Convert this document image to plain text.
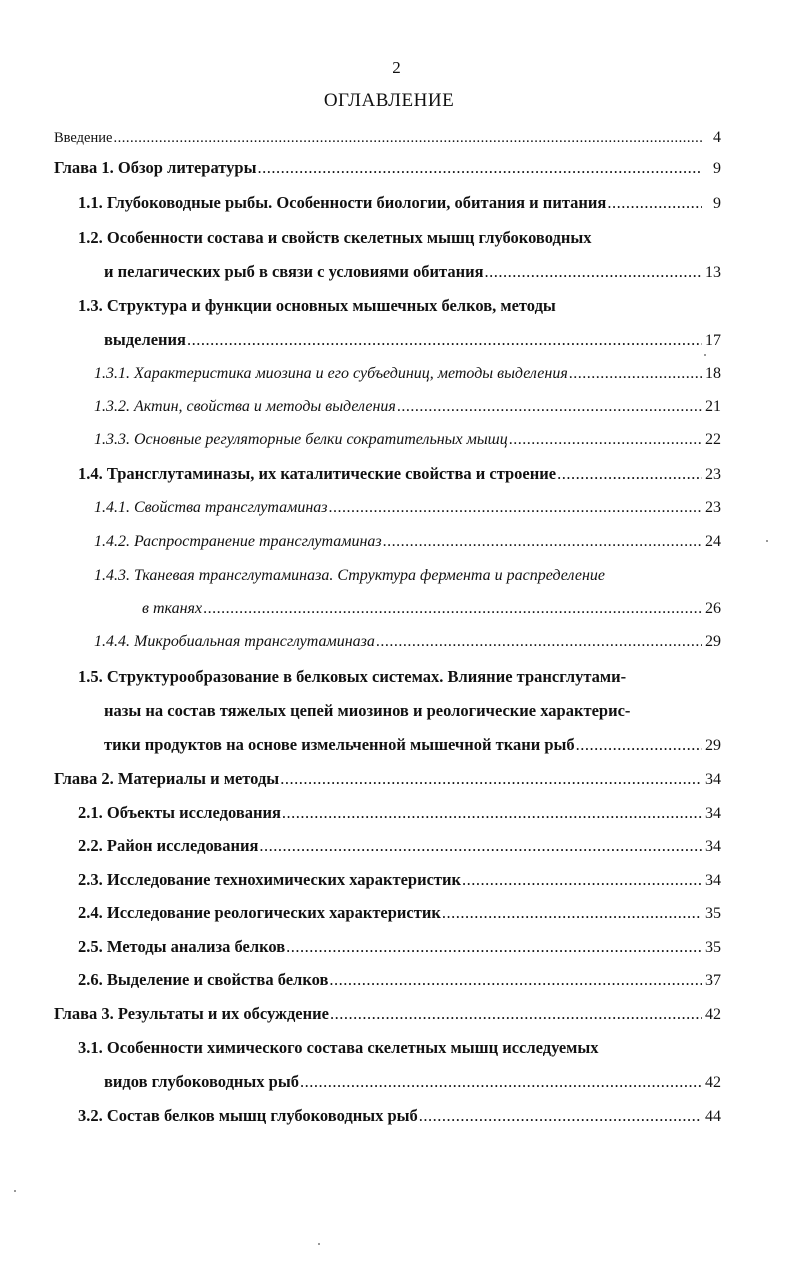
2
ОГЛАВЛЕНИЕ
Введение .....	4
Глава 1. Обзор литературы .....	9
1.1. Глубоководные рыбы. Особенности биологии, обитания и питания .....	9
1.2. Особенности состава и свойств скелетных мышц глубоководных
и пелагических рыб в связи с условиями обитания .....	13
1.3. Структура и функции основных мышечных белков, методы
выделения .....	17
1.3.1. Характеристика миозина и его субъединиц, методы выделения .....	18
1.3.2. Актин, свойства и методы выделения .....	21
1.3.3. Основные регуляторные белки сократительных мышц .....	22
1.4. Трансглутаминазы, их каталитические свойства и строение .....	23
1.4.1. Свойства трансглутаминаз .....	23
1.4.2. Распространение трансглутаминаз .....	24
1.4.3. Тканевая трансглутаминаза. Структура фермента и распределение
в тканях .....	26
1.4.4. Микробиальная трансглутаминаза .....	29
1.5. Структурообразование в белковых системах. Влияние трансглутами-
назы на состав тяжелых цепей миозинов и реологические характерис-
тики продуктов на основе измельченной мышечной ткани рыб .....	29
Глава 2. Материалы и методы .....	34
2.1. Объекты исследования .....	34
2.2. Район исследования .....	34
2.3. Исследование технохимических характеристик .....	34
2.4. Исследование реологических характеристик .....	35
2.5. Методы анализа белков .....	35
2.6. Выделение и свойства белков .....	37
Глава 3. Результаты и их обсуждение .....	42
3.1. Особенности химического состава скелетных мышц исследуемых
видов глубоководных рыб .....	42
3.2. Состав белков мышц глубоководных рыб .....	44
